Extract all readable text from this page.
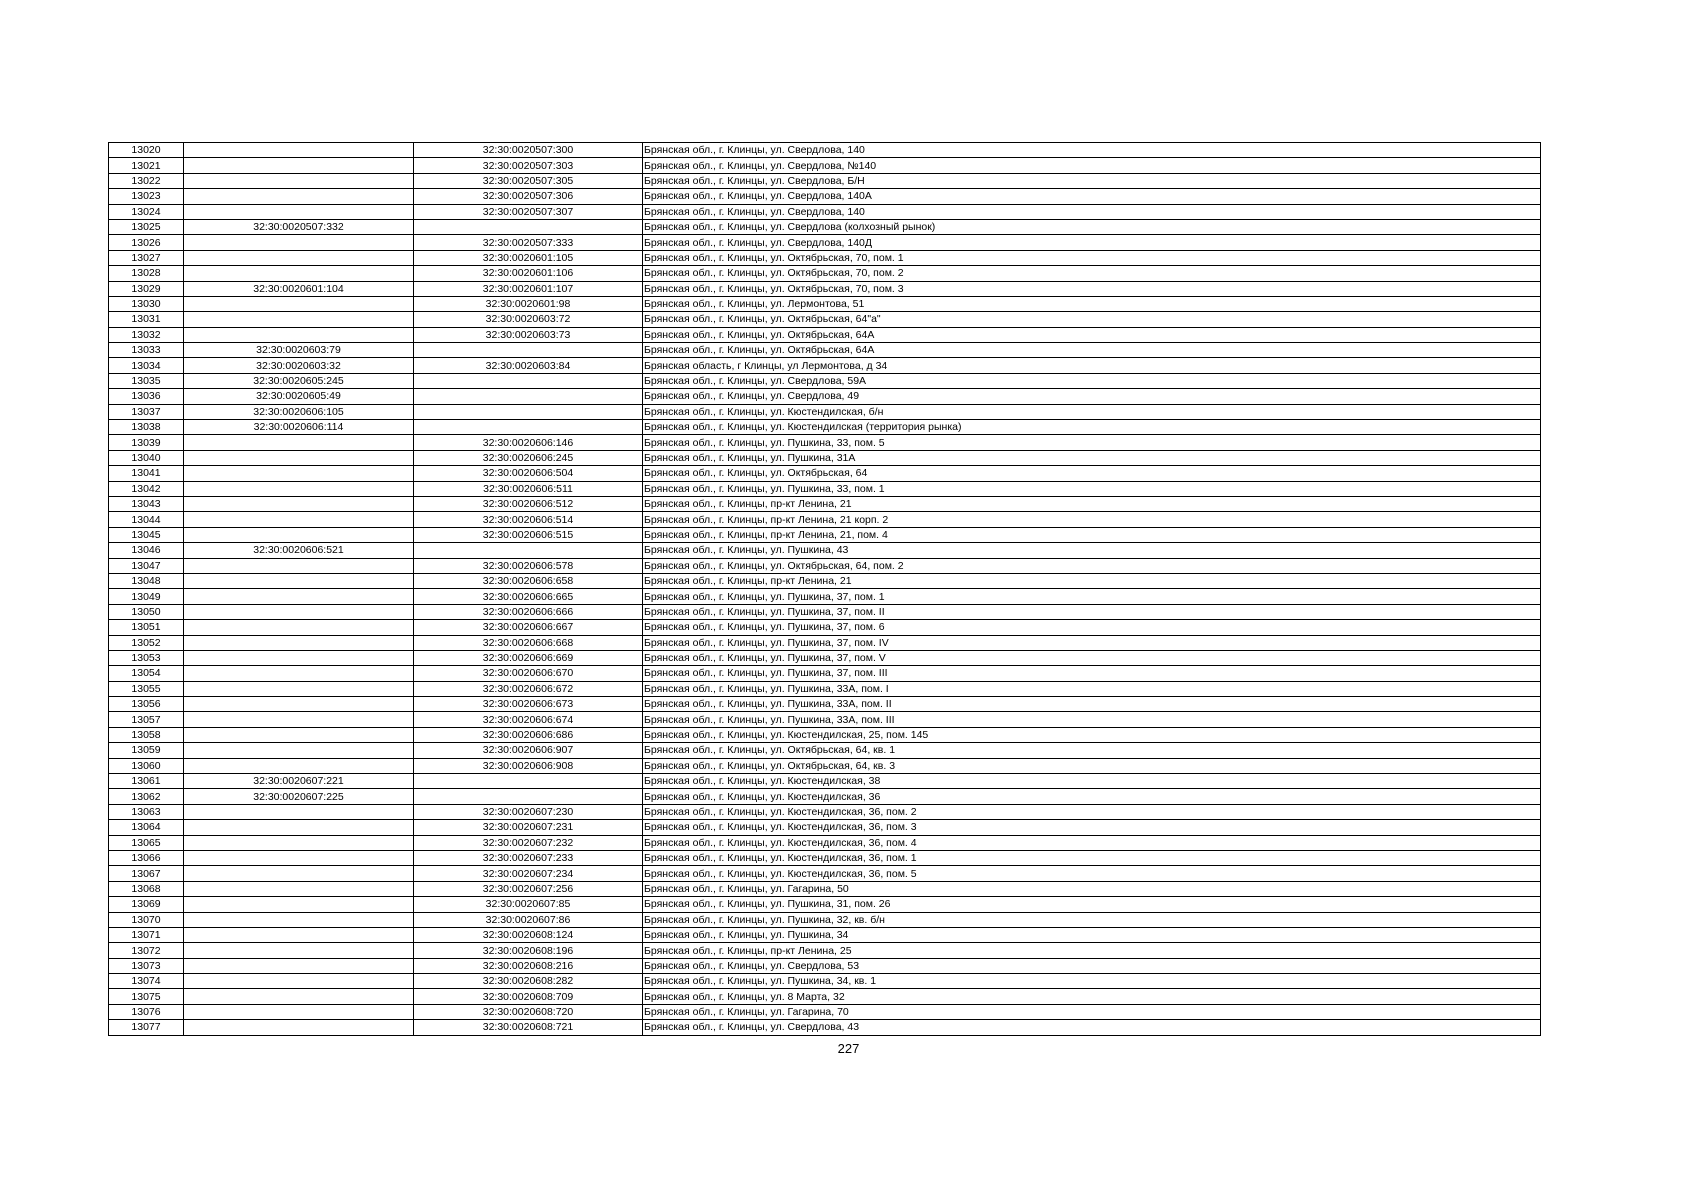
13020		32:30:0020507:300	Брянская обл., г. Клинцы, ул. Свердлова, 140
13021		32:30:0020507:303	Брянская обл., г. Клинцы, ул. Свердлова, №140
13022		32:30:0020507:305	Брянская обл., г. Клинцы, ул. Свердлова, Б/Н
13023		32:30:0020507:306	Брянская обл., г. Клинцы, ул. Свердлова, 140А
13024		32:30:0020507:307	Брянская обл., г. Клинцы, ул. Свердлова, 140
13025	32:30:0020507:332		Брянская обл., г. Клинцы, ул. Свердлова (колхозный рынок)
13026		32:30:0020507:333	Брянская обл., г. Клинцы, ул. Свердлова, 140Д
13027		32:30:0020601:105	Брянская обл., г. Клинцы, ул. Октябрьская, 70, пом. 1
13028		32:30:0020601:106	Брянская обл., г. Клинцы, ул. Октябрьская, 70, пом. 2
13029	32:30:0020601:104	32:30:0020601:107	Брянская обл., г. Клинцы, ул. Октябрьская, 70, пом. 3
13030		32:30:0020601:98	Брянская обл., г. Клинцы, ул. Лермонтова, 51
13031		32:30:0020603:72	Брянская обл., г. Клинцы, ул. Октябрьская, 64"а"
13032		32:30:0020603:73	Брянская обл., г. Клинцы, ул. Октябрьская, 64А
13033	32:30:0020603:79		Брянская обл., г. Клинцы, ул. Октябрьская, 64А
13034	32:30:0020603:32	32:30:0020603:84	Брянская область, г Клинцы, ул Лермонтова, д 34
13035	32:30:0020605:245		Брянская обл., г. Клинцы, ул. Свердлова, 59А
13036	32:30:0020605:49		Брянская обл., г. Клинцы, ул. Свердлова, 49
13037	32:30:0020606:105		Брянская обл., г. Клинцы, ул. Кюстендилская, б/н
13038	32:30:0020606:114		Брянская обл., г. Клинцы, ул. Кюстендилская (территория рынка)
13039		32:30:0020606:146	Брянская обл., г. Клинцы, ул. Пушкина, 33, пом. 5
13040		32:30:0020606:245	Брянская обл., г. Клинцы, ул. Пушкина, 31А
13041		32:30:0020606:504	Брянская обл., г. Клинцы, ул. Октябрьская, 64
13042		32:30:0020606:511	Брянская обл., г. Клинцы, ул. Пушкина, 33, пом. 1
13043		32:30:0020606:512	Брянская обл., г. Клинцы, пр-кт Ленина, 21
13044		32:30:0020606:514	Брянская обл., г. Клинцы, пр-кт Ленина, 21 корп. 2
13045		32:30:0020606:515	Брянская обл., г. Клинцы, пр-кт Ленина, 21, пом. 4
13046	32:30:0020606:521		Брянская обл., г. Клинцы, ул. Пушкина, 43
13047		32:30:0020606:578	Брянская обл., г. Клинцы, ул. Октябрьская, 64, пом. 2
13048		32:30:0020606:658	Брянская обл., г. Клинцы, пр-кт Ленина, 21
13049		32:30:0020606:665	Брянская обл., г. Клинцы, ул. Пушкина, 37, пом. 1
13050		32:30:0020606:666	Брянская обл., г. Клинцы, ул. Пушкина, 37, пом. II
13051		32:30:0020606:667	Брянская обл., г. Клинцы, ул. Пушкина, 37, пом. 6
13052		32:30:0020606:668	Брянская обл., г. Клинцы, ул. Пушкина, 37, пом. IV
13053		32:30:0020606:669	Брянская обл., г. Клинцы, ул. Пушкина, 37, пом. V
13054		32:30:0020606:670	Брянская обл., г. Клинцы, ул. Пушкина, 37, пом. III
13055		32:30:0020606:672	Брянская обл., г. Клинцы, ул. Пушкина, 33А, пом. I
13056		32:30:0020606:673	Брянская обл., г. Клинцы, ул. Пушкина, 33А, пом. II
13057		32:30:0020606:674	Брянская обл., г. Клинцы, ул. Пушкина, 33А, пом. III
13058		32:30:0020606:686	Брянская обл., г. Клинцы, ул. Кюстендилская, 25, пом. 145
13059		32:30:0020606:907	Брянская обл., г. Клинцы, ул. Октябрьская, 64, кв. 1
13060		32:30:0020606:908	Брянская обл., г. Клинцы, ул. Октябрьская, 64, кв. 3
13061	32:30:0020607:221		Брянская обл., г. Клинцы, ул. Кюстендилская, 38
13062	32:30:0020607:225		Брянская обл., г. Клинцы, ул. Кюстендилская, 36
13063		32:30:0020607:230	Брянская обл., г. Клинцы, ул. Кюстендилская, 36, пом. 2
13064		32:30:0020607:231	Брянская обл., г. Клинцы, ул. Кюстендилская, 36, пом. 3
13065		32:30:0020607:232	Брянская обл., г. Клинцы, ул. Кюстендилская, 36, пом. 4
13066		32:30:0020607:233	Брянская обл., г. Клинцы, ул. Кюстендилская, 36, пом. 1
13067		32:30:0020607:234	Брянская обл., г. Клинцы, ул. Кюстендилская, 36, пом. 5
13068		32:30:0020607:256	Брянская обл., г. Клинцы, ул. Гагарина, 50
13069		32:30:0020607:85	Брянская обл., г. Клинцы, ул. Пушкина, 31, пом. 26
13070		32:30:0020607:86	Брянская обл., г. Клинцы, ул. Пушкина, 32, кв. б/н
13071		32:30:0020608:124	Брянская обл., г. Клинцы, ул. Пушкина, 34
13072		32:30:0020608:196	Брянская обл., г. Клинцы, пр-кт Ленина, 25
13073		32:30:0020608:216	Брянская обл., г. Клинцы, ул. Свердлова, 53
13074		32:30:0020608:282	Брянская обл., г. Клинцы, ул. Пушкина, 34, кв. 1
13075		32:30:0020608:709	Брянская обл., г. Клинцы, ул. 8 Марта, 32
13076		32:30:0020608:720	Брянская обл., г. Клинцы, ул. Гагарина, 70
13077		32:30:0020608:721	Брянская обл., г. Клинцы, ул. Свердлова, 43
227
